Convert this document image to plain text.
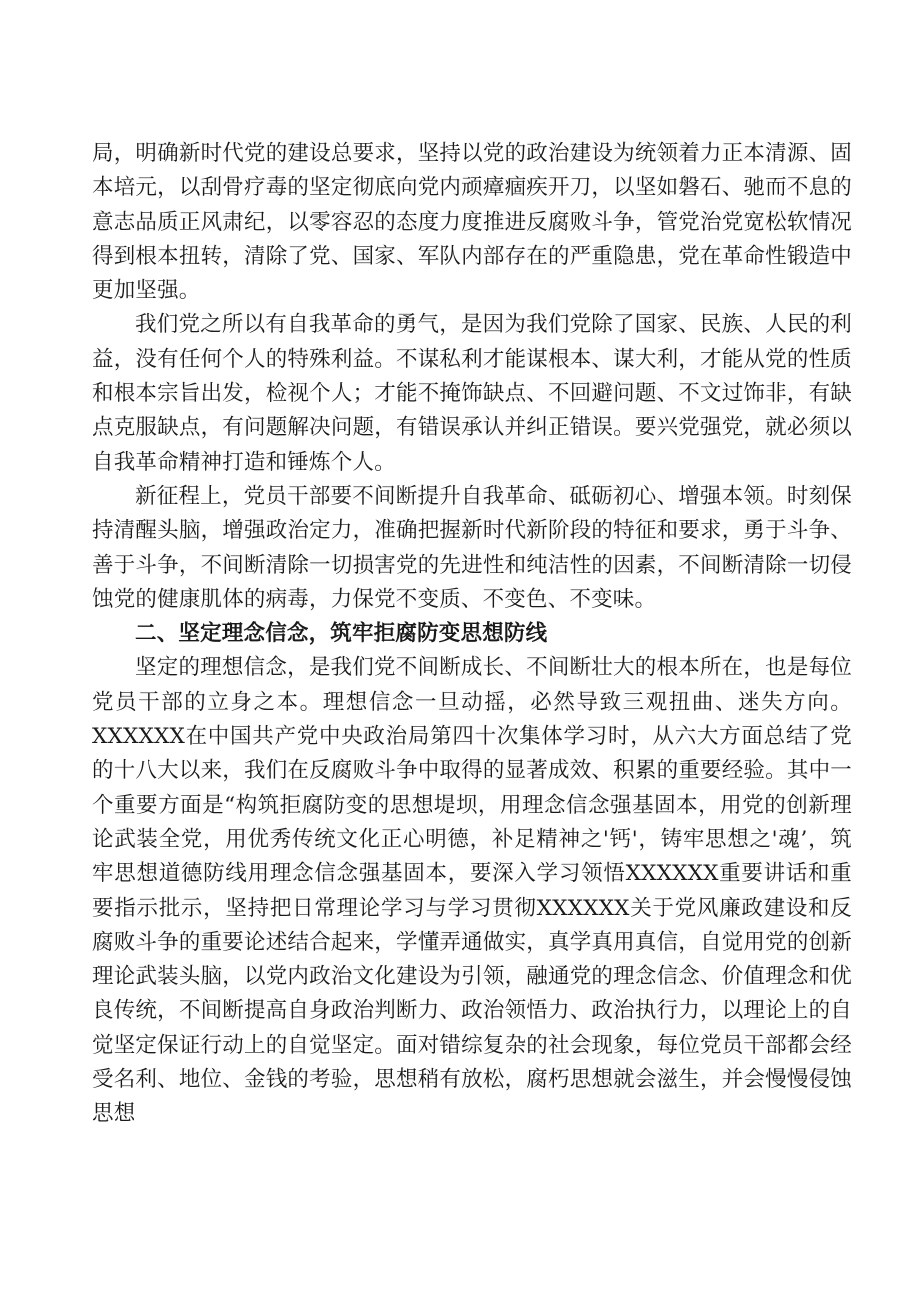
局，明确新时代党的建设总要求，坚持以党的政治建设为统领着力正本清源、固本培元，以刮骨疗毒的坚定彻底向党内顽瘴痼疾开刀，以坚如磐石、驰而不息的意志品质正风肃纪，以零容忍的态度力度推进反腐败斗争，管党治党宽松软情况得到根本扭转，清除了党、国家、军队内部存在的严重隐患，党在革命性锻造中更加坚强。

我们党之所以有自我革命的勇气，是因为我们党除了国家、民族、人民的利益，没有任何个人的特殊利益。不谋私利才能谋根本、谋大利，才能从党的性质和根本宗旨出发，检视个人；才能不掩饰缺点、不回避问题、不文过饰非，有缺点克服缺点，有问题解决问题，有错误承认并纠正错误。要兴党强党，就必须以自我革命精神打造和锤炼个人。

新征程上，党员干部要不间断提升自我革命、砥砺初心、增强本领。时刻保持清醒头脑，增强政治定力，准确把握新时代新阶段的特征和要求，勇于斗争、善于斗争，不间断清除一切损害党的先进性和纯洁性的因素，不间断清除一切侵蚀党的健康肌体的病毒，力保党不变质、不变色、不变味。

二、坚定理念信念，筑牢拒腐防变思想防线

坚定的理想信念，是我们党不间断成长、不间断壮大的根本所在，也是每位党员干部的立身之本。理想信念一旦动摇，必然导致三观扭曲、迷失方向。XXXXXX在中国共产党中央政治局第四十次集体学习时，从六大方面总结了党的十八大以来，我们在反腐败斗争中取得的显著成效、积累的重要经验。其中一个重要方面是“构筑拒腐防变的思想堤坝，用理念信念强基固本，用党的创新理论武装全党，用优秀传统文化正心明德，补足精神之'钙'，铸牢思想之'魂’，筑牢思想道德防线用理念信念强基固本，要深入学习领悟XXXXXX重要讲话和重要指示批示，坚持把日常理论学习与学习贯彻XXXXXX关于党风廉政建设和反腐败斗争的重要论述结合起来，学懂弄通做实，真学真用真信，自觉用党的创新理论武装头脑，以党内政治文化建设为引领，融通党的理念信念、价值理念和优良传统，不间断提高自身政治判断力、政治领悟力、政治执行力，以理论上的自觉坚定保证行动上的自觉坚定。面对错综复杂的社会现象，每位党员干部都会经受名利、地位、金钱的考验，思想稍有放松，腐朽思想就会滋生，并会慢慢侵蚀思想
